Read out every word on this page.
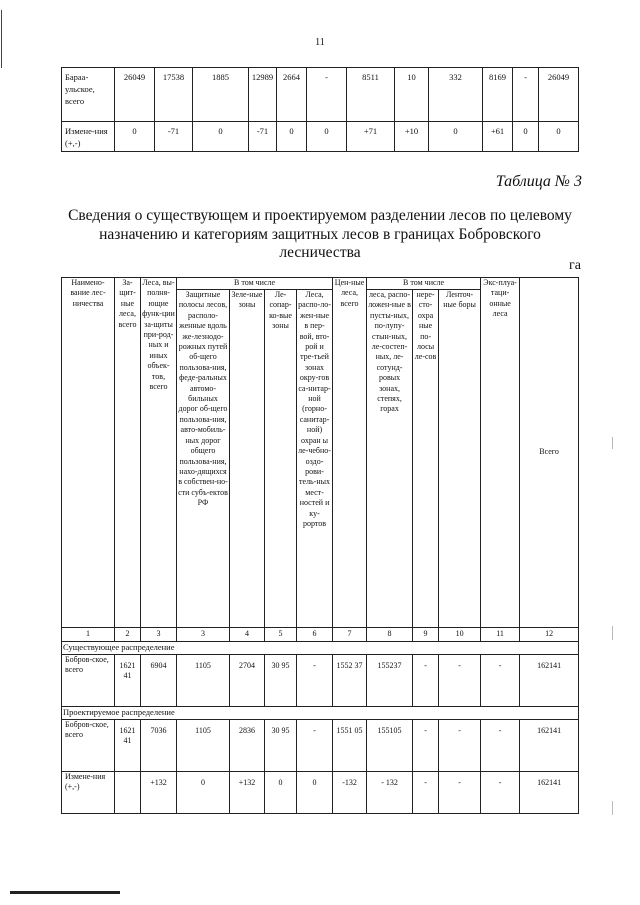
11
Бараа-ульское, всего	26049	17538	1885	12989	2664	-	8511	10	332	8169	-	26049
Измене-ния (+,-)	0	-71	0	-71	0	0	+71	+10	0	+61	0	0
Таблица № 3
Сведения о существующем и проектируемом разделении лесов по целевому назначению и категориям защитных лесов в границах Бобровского лесничества
га
Наимено-вание лес-ничества	За-щит-ные леса, всего	Леса, вы-полня-ющие функ-ции за-щиты при-род-ных и иных объек-тов, всего	В том числе				Цен-ные леса, всего	В том числе			Экс-плуа-таци-онные леса	Всего
			Защитные полосы лесов, располо-женные вдоль же-лезнодо-рожных путей об-щего пользова-ния, феде-ральных автомо-бильных дорог об-щего пользова-ния, авто-мобиль-ных дорог общего пользова-ния, нахо-дящихся в собствен-но-сти субъ-ектов РФ	Зеле-ные зоны	Ле-сопар-ко-вые зоны	Леса, распо-ло-жен-ные в пер-вой, вто-рой и тре-тьей зонах окру-гов са-нитар-ной (горно-санитар-ной) охран ы ле-чебно-оздо-рови-тель-ных мест-ностей и ку-рортов		леса, распо-ложен-ные в пусты-ных, по-лупу-стын-ных, ле-состеп-ных, ле-сотунд-ровых зонах, степях, горах	нере-сто-охра ные по-лосы ле-сов	Ленточ-ные боры		
1	2	3	3	4	5	6	7	8	9	10	11	12
Существующее распределение												
Бобров-ское, всего	1621 41	6904	1105	2704	30 95	-	1552 37	155237	-	-	-	162141
Проектируемое распределение												
Бобров-ское, всего	1621 41	7036	1105	2836	30 95	-	1551 05	155105	-	-	-	162141
Измене-ния (+,-)		+132	0	+132	0	0	-132	- 132	-	-	-	162141
